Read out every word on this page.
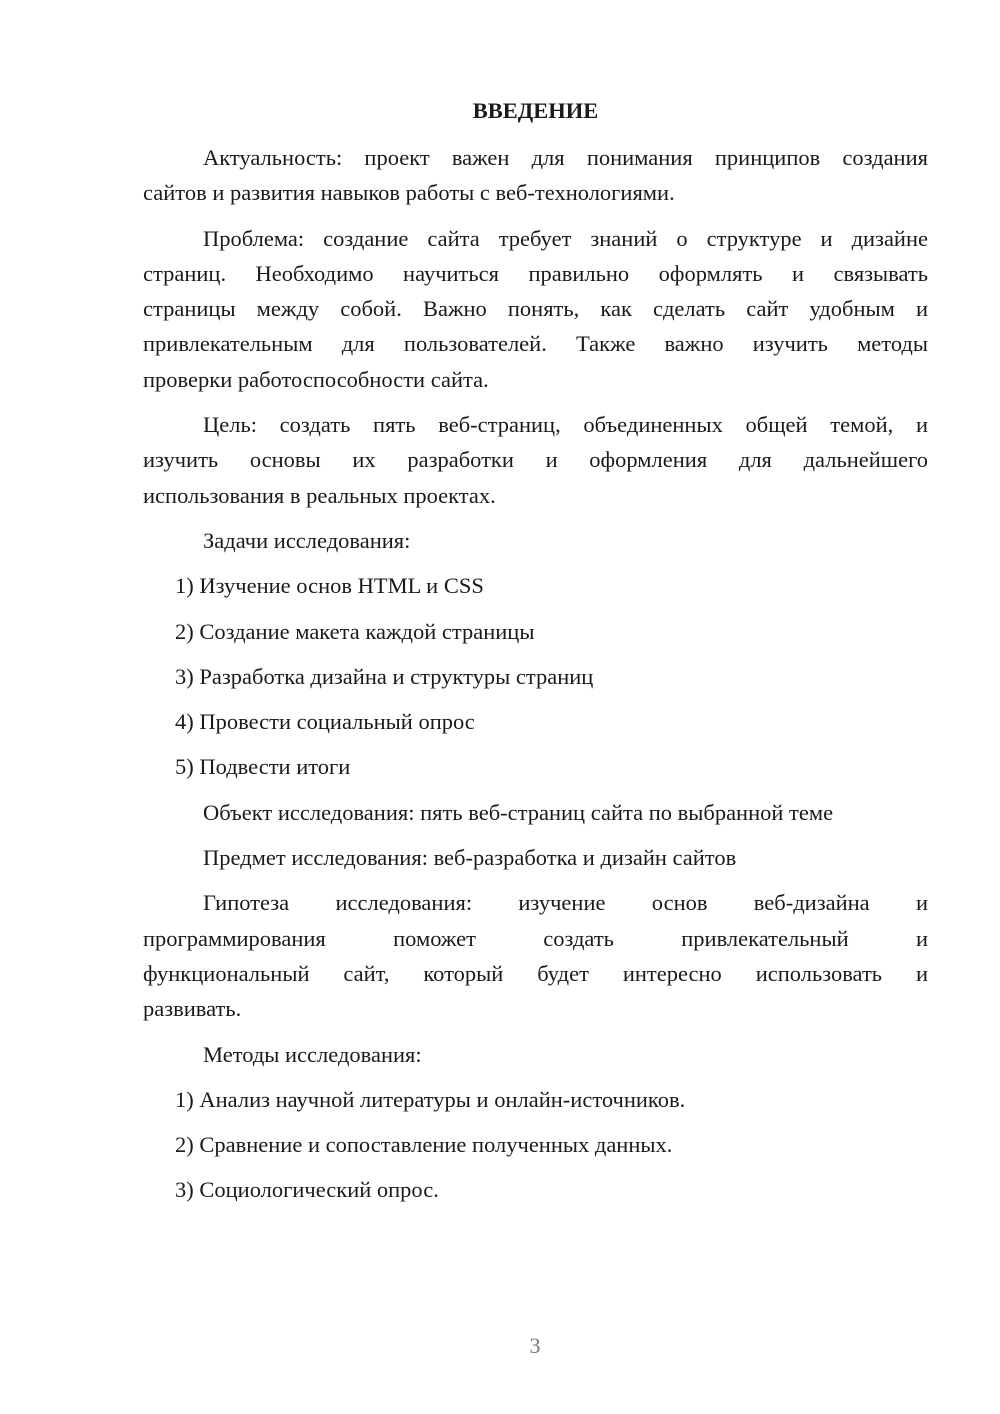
ВВЕДЕНИЕ
Актуальность: проект важен для понимания принципов создания
сайтов и развития навыков работы с веб-технологиями.
Проблема: создание сайта требует знаний о структуре и дизайне
страниц. Необходимо научиться правильно оформлять и связывать
страницы между собой. Важно понять, как сделать сайт удобным и
привлекательным для пользователей. Также важно изучить методы
проверки работоспособности сайта.
Цель: создать пять веб-страниц, объединенных общей темой, и
изучить основы их разработки и оформления для дальнейшего
использования в реальных проектах.
Задачи исследования:
1) Изучение основ HTML и CSS
2) Создание макета каждой страницы
3) Разработка дизайна и структуры страниц
4) Провести социальный опрос
5) Подвести итоги
Объект исследования: пять веб-страниц сайта по выбранной теме
Предмет исследования: веб-разработка и дизайн сайтов
Гипотеза исследования: изучение основ веб-дизайна и
программирования поможет создать привлекательный и
функциональный сайт, который будет интересно использовать и
развивать.
Методы исследования:
1) Анализ научной литературы и онлайн-источников.
2) Сравнение и сопоставление полученных данных.
3) Социологический опрос.
3
